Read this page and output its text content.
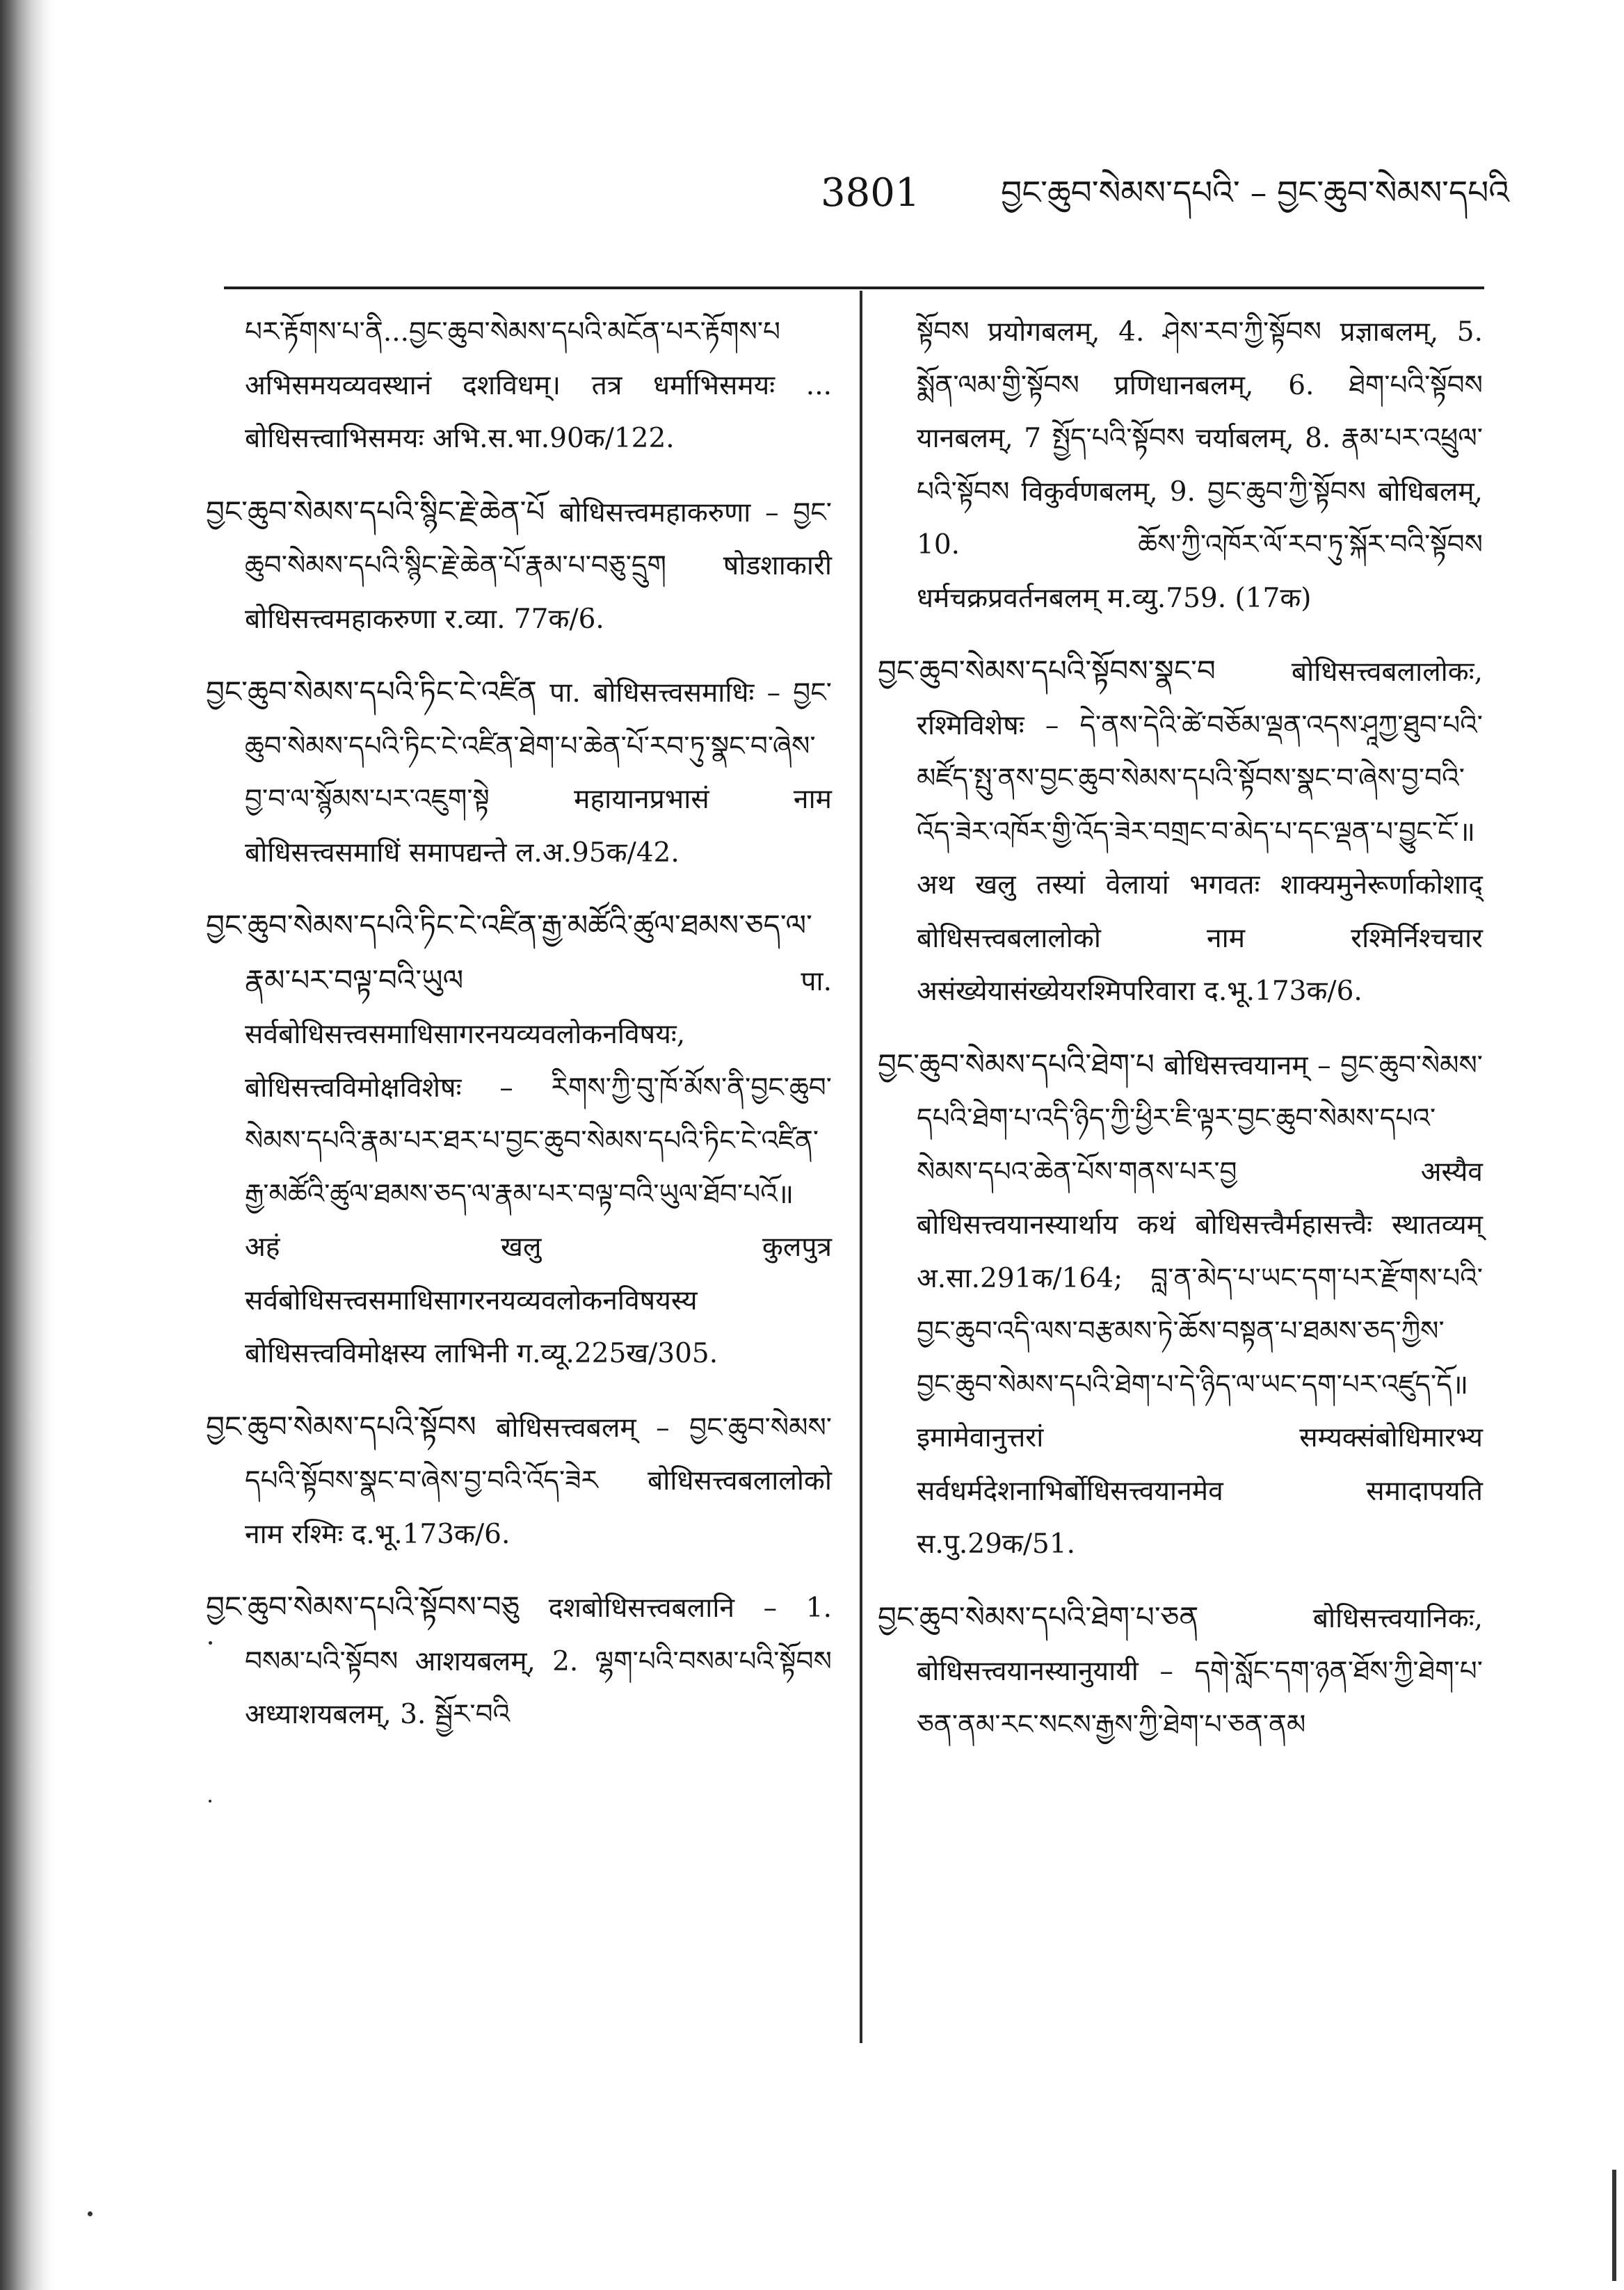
3801	བྱང་ཆུབ་སེམས་དཔའི་ – བྱང་ཆུབ་སེམས་དཔའི

པར་རྟོགས་པ་ནི...བྱང་ཆུབ་སེམས་དཔའི་མངོན་པར་རྟོགས་པ अभिसमयव्यवस्थानं दशविधम्। तत्र धर्माभिसमयः ... बोधिसत्त्वाभिसमयः अभि.स.भा.90क/122.

བྱང་ཆུབ་སེམས་དཔའི་སྙིང་རྗེ་ཆེན་པོ बोधिसत्त्वमहाकरुणा – བྱང་ཆུབ་སེམས་དཔའི་སྙིང་རྗེ་ཆེན་པོ་རྣམ་པ་བཅུ་དྲུག षोडशाकारी बोधिसत्त्वमहाकरुणा र.व्या. 77क/6.

བྱང་ཆུབ་སེམས་དཔའི་ཏིང་ངེ་འཛིན पा. बोधिसत्त्वसमाधिः – བྱང་ཆུབ་སེམས་དཔའི་ཏིང་ངེ་འཛིན་ཐེག་པ་ཆེན་པོ་རབ་ཏུ་སྣང་བ་ཞེས་བྱ་བ་ལ་སྙོམས་པར་འཇུག་སྟེ महायानप्रभासं नाम बोधिसत्त्वसमाधिं समापद्यन्ते ल.अ.95क/42.

བྱང་ཆུབ་སེམས་དཔའི་ཏིང་ངེ་འཛིན་རྒྱ་མཚོའི་ཚུལ་ཐམས་ཅད་ལ་རྣམ་པར་བལྟ་བའི་ཡུལ पा. सर्वबोधिसत्त्वसमाधिसागरनयव्यवलोकनविषयः, बोधिसत्त्वविमोक्षविशेषः – རིགས་ཀྱི་བུ་ཁོ་མོས་ནི་བྱང་ཆུབ་སེམས་དཔའི་རྣམ་པར་ཐར་པ་བྱང་ཆུབ་སེམས་དཔའི་ཏིང་ངེ་འཛིན་རྒྱ་མཚོའི་ཚུལ་ཐམས་ཅད་ལ་རྣམ་པར་བལྟ་བའི་ཡུལ་ཐོབ་པའོ॥ अहं खलु कुलपुत्र सर्वबोधिसत्त्वसमाधिसागरनयव्यवलोकनविषयस्य बोधिसत्त्वविमोक्षस्य लाभिनी ग.व्यू.225ख/305.

བྱང་ཆུབ་སེམས་དཔའི་སྟོབས बोधिसत्त्वबलम् – བྱང་ཆུབ་སེམས་དཔའི་སྟོབས་སྣང་བ་ཞེས་བྱ་བའི་འོད་ཟེར बोधिसत्त्वबलालोको नाम रश्मिः द.भू.173क/6.

བྱང་ཆུབ་སེམས་དཔའི་སྟོབས་བཅུ दशबोधिसत्त्वबलानि – 1. བསམ་པའི་སྟོབས आशयबलम्, 2. ལྷག་པའི་བསམ་པའི་སྟོབས अध्याशयबलम्, 3. སྦྱོར་བའི

སྟོབས प्रयोगबलम्, 4. ཤེས་རབ་ཀྱི་སྟོབས प्रज्ञाबलम्, 5. སྨོན་ལམ་གྱི་སྟོབས प्रणिधानबलम्, 6. ཐེག་པའི་སྟོབས यानबलम्, 7 སྤྱོད་པའི་སྟོབས चर्याबलम्, 8. རྣམ་པར་འཕྲུལ་པའི་སྟོབས विकुर्वणबलम्, 9. བྱང་ཆུབ་ཀྱི་སྟོབས बोधिबलम्, 10. ཆོས་ཀྱི་འཁོར་ལོ་རབ་ཏུ་སྐོར་བའི་སྟོབས धर्मचक्रप्रवर्तनबलम् म.व्यु.759. (17क)

བྱང་ཆུབ་སེམས་དཔའི་སྟོབས་སྣང་བ बोधिसत्त्वबलालोकः, रश्मिविशेषः – དེ་ནས་དེའི་ཚེ་བཅོམ་ལྡན་འདས་ཤཱཀྱ་ཐུབ་པའི་མཛོད་སྤུ་ནས་བྱང་ཆུབ་སེམས་དཔའི་སྟོབས་སྣང་བ་ཞེས་བྱ་བའི་འོད་ཟེར་འཁོར་གྱི་འོད་ཟེར་བགྲང་བ་མེད་པ་དང་ལྡན་པ་བྱུང་ངོ་॥ अथ खलु तस्यां वेलायां भगवतः शाक्यमुनेरूर्णाकोशाद् बोधिसत्त्वबलालोको नाम रश्मिर्निश्चचार असंख्येयासंख्येयरश्मिपरिवारा द.भू.173क/6.

བྱང་ཆུབ་སེམས་དཔའི་ཐེག་པ बोधिसत्त्वयानम् – བྱང་ཆུབ་སེམས་དཔའི་ཐེག་པ་འདི་ཉིད་ཀྱི་ཕྱིར་ཇི་ལྟར་བྱང་ཆུབ་སེམས་དཔའ་སེམས་དཔའ་ཆེན་པོས་གནས་པར་བྱ अस्यैव बोधिसत्त्वयानस्यार्थाय कथं बोधिसत्त्वैर्महासत्त्वैः स्थातव्यम् अ.सा.291क/164; བླ་ན་མེད་པ་ཡང་དག་པར་རྫོགས་པའི་བྱང་ཆུབ་འདི་ལས་བརྩམས་ཏེ་ཆོས་བསྟན་པ་ཐམས་ཅད་ཀྱིས་བྱང་ཆུབ་སེམས་དཔའི་ཐེག་པ་དེ་ཉིད་ལ་ཡང་དག་པར་འཛུད་དོ॥ इमामेवानुत्तरां सम्यक्संबोधिमारभ्य सर्वधर्मदेशनाभिर्बोधिसत्त्वयानमेव समादापयति स.पु.29क/51.

བྱང་ཆུབ་སེམས་དཔའི་ཐེག་པ་ཅན बोधिसत्त्वयानिकः, बोधिसत्त्वयानस्यानुयायी – དགེ་སློང་དག་ཉན་ཐོས་ཀྱི་ཐེག་པ་ཅན་ནམ་རང་སངས་རྒྱས་ཀྱི་ཐེག་པ་ཅན་ནམ
